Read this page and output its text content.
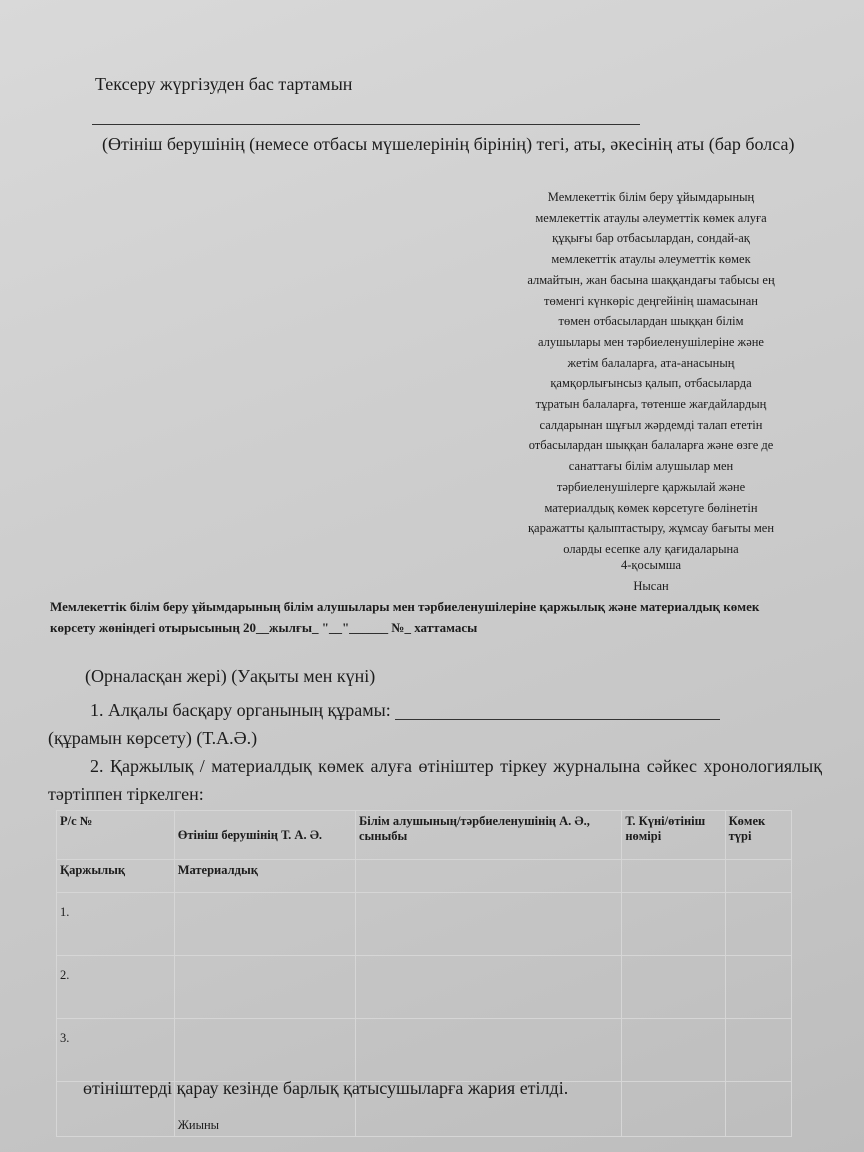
Тексеру жүргізуден бас тартамын
(Өтініш берушінің (немесе отбасы мүшелерінің бірінің) тегі, аты, әкесінің аты (бар болса)
Мемлекеттік білім беру ұйымдарының
мемлекеттік атаулы әлеуметтік көмек алуға
құқығы бар отбасылардан, сондай-ақ
мемлекеттік атаулы әлеуметтік көмек
алмайтын, жан басына шаққандағы табысы ең
төменгі күнкөріс деңгейінің шамасынан
төмен отбасылардан шыққан білім
алушылары мен тәрбиеленушілеріне және
жетім балаларға, ата-анасының
қамқорлығынсыз қалып, отбасыларда
тұратын балаларға, төтенше жағдайлардың
салдарынан шұғыл жәрдемді талап ететін
отбасылардан шыққан балаларға және өзге де
санаттағы білім алушылар мен
тәрбиеленушілерге қаржылай және
материалдық көмек көрсетуге бөлінетін
қаражатты қалыптастыру, жұмсау бағыты мен
оларды есепке алу қағидаларына
4-қосымша
Нысан
Мемлекеттік білім беру ұйымдарының білім алушылары мен тәрбиеленушілеріне қаржылық және материалдық көмек көрсету жөніндегі отырысының 20__жылғы_ "__"______ №_ хаттамасы
(Орналасқан жері) (Уақыты мен күні)
1. Алқалы басқару органының құрамы:
(құрамын көрсету) (Т.А.Ә.)
2. Қаржылық / материалдық көмек алуға өтініштер тіркеу журналына сәйкес хронологиялық тәртіппен тіркелген:
Р/с №	Өтініш берушінің Т. А. Ә.	Білім алушының/тәрбиеленушінің А. Ә., сыныбы	Т. Күні/өтініш нөмірі	Көмек түрі
Қаржылық	Материалдық			
1.				
2.				
3.				
	Жиыны			
өтініштерді қарау кезінде барлық қатысушыларға жария етілді.
